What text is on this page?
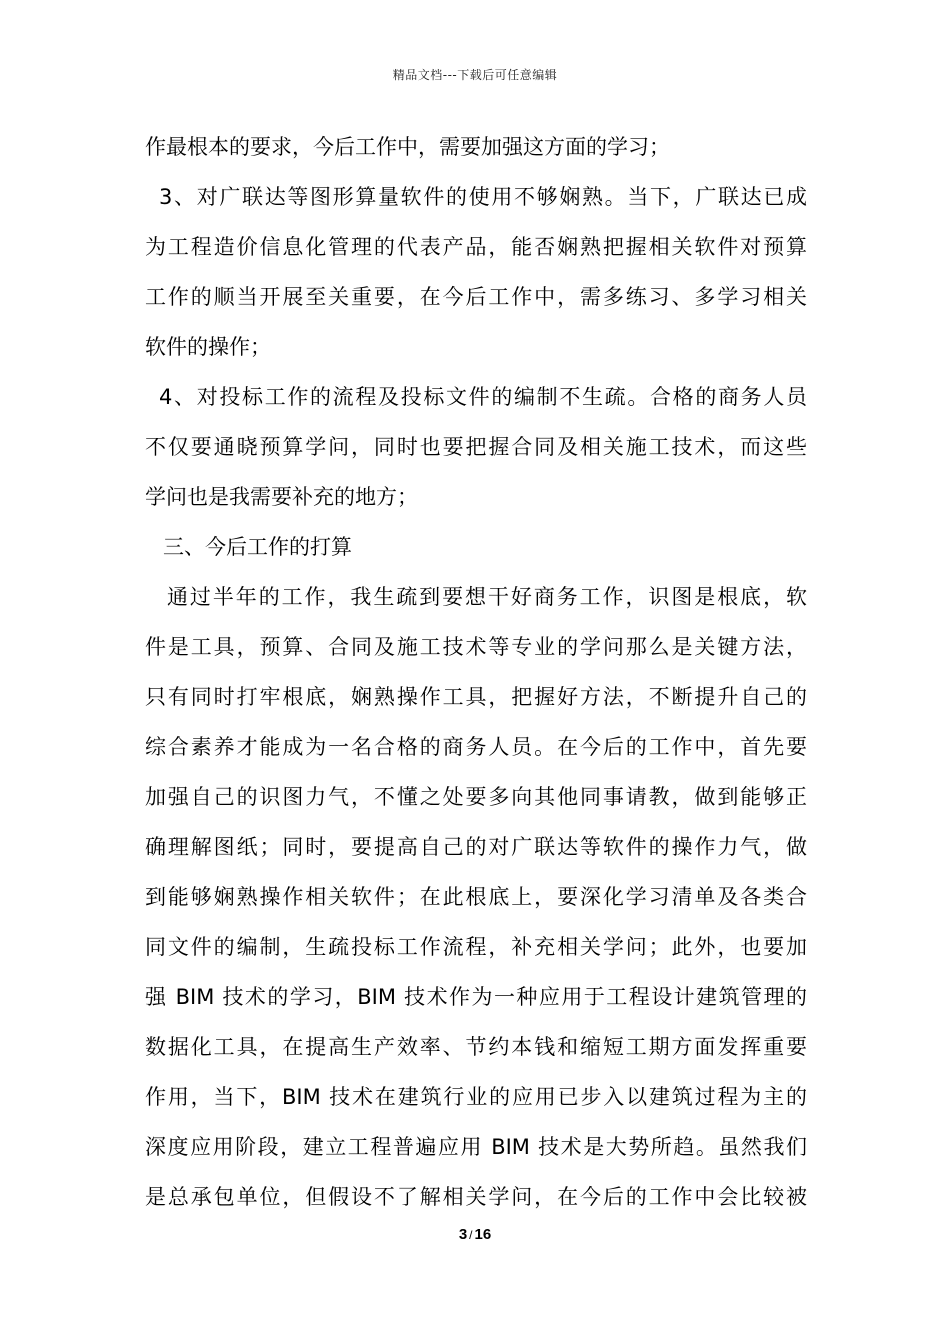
精品文档---下载后可任意编辑
作最根本的要求，今后工作中，需要加强这方面的学习；
3、对广联达等图形算量软件的使用不够娴熟。当下，广联达已成
为工程造价信息化管理的代表产品，能否娴熟把握相关软件对预算
工作的顺当开展至关重要，在今后工作中，需多练习、多学习相关
软件的操作；
4、对投标工作的流程及投标文件的编制不生疏。合格的商务人员
不仅要通晓预算学问，同时也要把握合同及相关施工技术，而这些
学问也是我需要补充的地方；
三、今后工作的打算
通过半年的工作，我生疏到要想干好商务工作，识图是根底，软
件是工具，预算、合同及施工技术等专业的学问那么是关键方法，
只有同时打牢根底，娴熟操作工具，把握好方法，不断提升自己的
综合素养才能成为一名合格的商务人员。在今后的工作中，首先要
加强自己的识图力气，不懂之处要多向其他同事请教，做到能够正
确理解图纸；同时，要提高自己的对广联达等软件的操作力气，做
到能够娴熟操作相关软件；在此根底上，要深化学习清单及各类合
同文件的编制，生疏投标工作流程，补充相关学问；此外，也要加
强 BIM 技术的学习，BIM 技术作为一种应用于工程设计建筑管理的
数据化工具，在提高生产效率、节约本钱和缩短工期方面发挥重要
作用，当下，BIM 技术在建筑行业的应用已步入以建筑过程为主的
深度应用阶段，建立工程普遍应用 BIM 技术是大势所趋。虽然我们
是总承包单位，但假设不了解相关学问，在今后的工作中会比较被
3 / 16
